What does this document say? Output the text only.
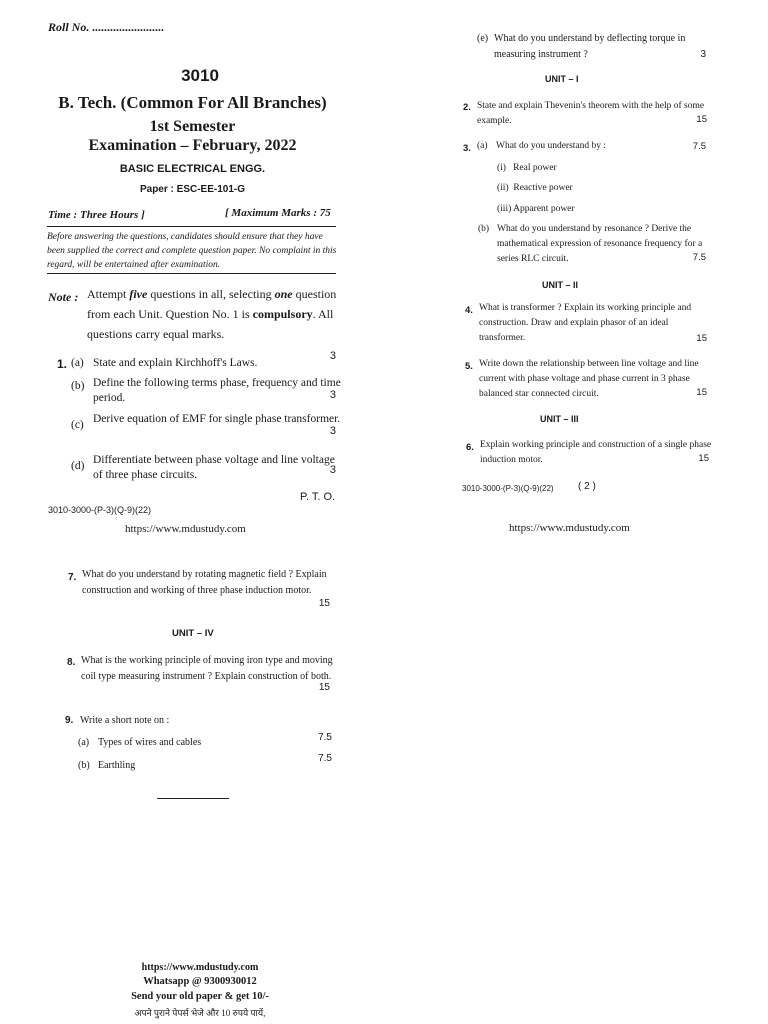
Roll No. ........................
3010
B. Tech. (Common For All Branches)
1st Semester
Examination – February, 2022
BASIC ELECTRICAL ENGG.
Paper : ESC-EE-101-G
Time : Three Hours ]	[ Maximum Marks : 75
Before answering the questions, candidates should ensure that they have been supplied the correct and complete question paper. No complaint in this regard, will be entertained after examination.
Note : Attempt five questions in all, selecting one question from each Unit. Question No. 1 is compulsory. All questions carry equal marks.
1. (a) State and explain Kirchhoff's Laws.
3
(b) Define the following terms phase, frequency and time period.	3
(c) Derive equation of EMF for single phase transformer.
3
(d) Differentiate between phase voltage and line voltage of three phase circuits.	3
P. T. O.
3010-3000-(P-3)(Q-9)(22)
https://www.mdustudy.com
(e) What do you understand by deflecting torque in measuring instrument ?	3
UNIT – I
2. State and explain Thevenin's theorem with the help of some example.	15
3. (a) What do you understand by :	7.5
(i)   Real power
(ii)  Reactive power
(iii) Apparent power
(b) What do you understand by resonance ? Derive the mathematical expression of resonance frequency for a series RLC circuit.	7.5
UNIT – II
4. What is transformer ? Explain its working principle and construction. Draw and explain phasor of an ideal transformer.	15
5. Write down the relationship between line voltage and line current with phase voltage and phase current in 3 phase balanced star connected circuit.	15
UNIT – III
6. Explain working principle and construction of a single phase induction motor.	15
3010-3000-(P-3)(Q-9)(22) ( 2 )
https://www.mdustudy.com
7. What do you understand by rotating magnetic field ? Explain construction and working of three phase induction motor.
15
UNIT – IV
8. What is the working principle of moving iron type and moving coil type measuring instrument ? Explain construction of both.
15
9. Write a short note on :
(a) Types of wires and cables	7.5
(b) Earthling
7.5
https://www.mdustudy.com
Whatsapp @ 9300930012
Send your old paper & get 10/-
अपने पुराने पेपर्स भेजे और 10 रुपये पायें,
